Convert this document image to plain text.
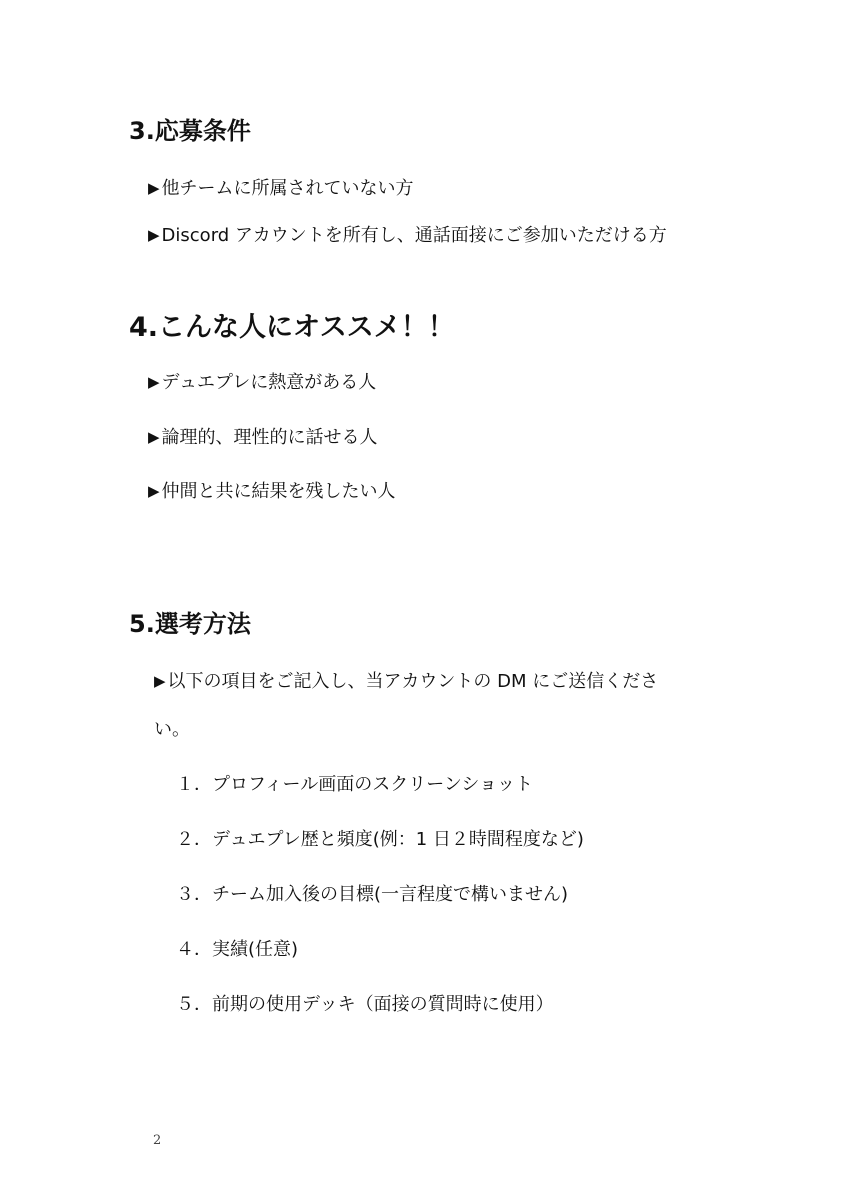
3.応募条件
▶ 他チームに所属されていない方
▶ Discord アカウントを所有し、通話面接にご参加いただける方
4.こんな人にオススメ！！
▶ デュエプレに熱意がある人
▶ 論理的、理性的に話せる人
▶ 仲間と共に結果を残したい人
5.選考方法
▶ 以下の項目をご記入し、当アカウントの DM にご送信くださ
い。
１．プロフィール画面のスクリーンショット
２．デュエプレ歴と頻度(例：1 日２時間程度など)
３．チーム加入後の目標(一言程度で構いません)
４．実績(任意)
５．前期の使用デッキ（面接の質問時に使用）
2
